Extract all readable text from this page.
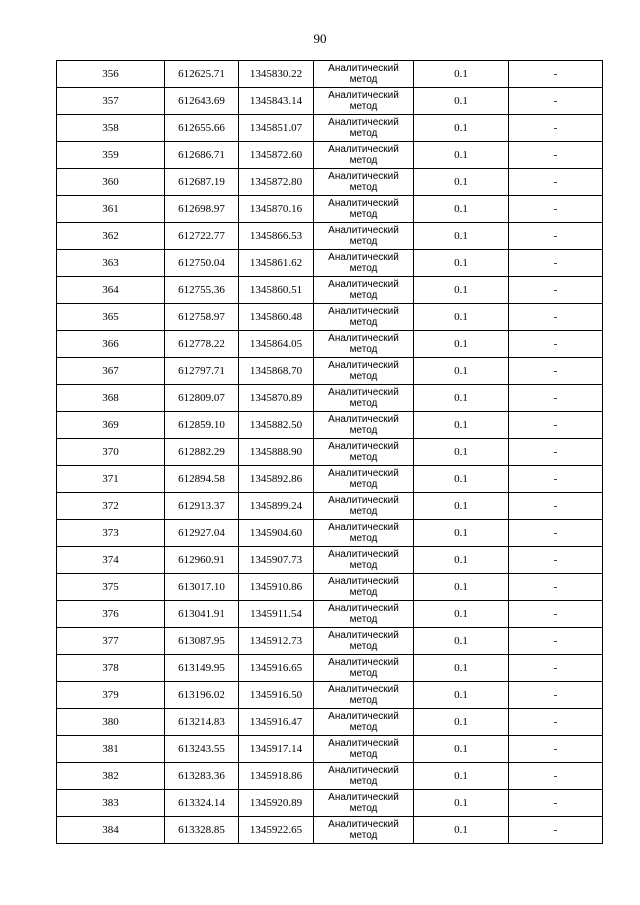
90
356	612625.71	1345830.22	Аналитический метод	0.1	-
357	612643.69	1345843.14	Аналитический метод	0.1	-
358	612655.66	1345851.07	Аналитический метод	0.1	-
359	612686.71	1345872.60	Аналитический метод	0.1	-
360	612687.19	1345872.80	Аналитический метод	0.1	-
361	612698.97	1345870.16	Аналитический метод	0.1	-
362	612722.77	1345866.53	Аналитический метод	0.1	-
363	612750.04	1345861.62	Аналитический метод	0.1	-
364	612755.36	1345860.51	Аналитический метод	0.1	-
365	612758.97	1345860.48	Аналитический метод	0.1	-
366	612778.22	1345864.05	Аналитический метод	0.1	-
367	612797.71	1345868.70	Аналитический метод	0.1	-
368	612809.07	1345870.89	Аналитический метод	0.1	-
369	612859.10	1345882.50	Аналитический метод	0.1	-
370	612882.29	1345888.90	Аналитический метод	0.1	-
371	612894.58	1345892.86	Аналитический метод	0.1	-
372	612913.37	1345899.24	Аналитический метод	0.1	-
373	612927.04	1345904.60	Аналитический метод	0.1	-
374	612960.91	1345907.73	Аналитический метод	0.1	-
375	613017.10	1345910.86	Аналитический метод	0.1	-
376	613041.91	1345911.54	Аналитический метод	0.1	-
377	613087.95	1345912.73	Аналитический метод	0.1	-
378	613149.95	1345916.65	Аналитический метод	0.1	-
379	613196.02	1345916.50	Аналитический метод	0.1	-
380	613214.83	1345916.47	Аналитический метод	0.1	-
381	613243.55	1345917.14	Аналитический метод	0.1	-
382	613283.36	1345918.86	Аналитический метод	0.1	-
383	613324.14	1345920.89	Аналитический метод	0.1	-
384	613328.85	1345922.65	Аналитический метод	0.1	-
